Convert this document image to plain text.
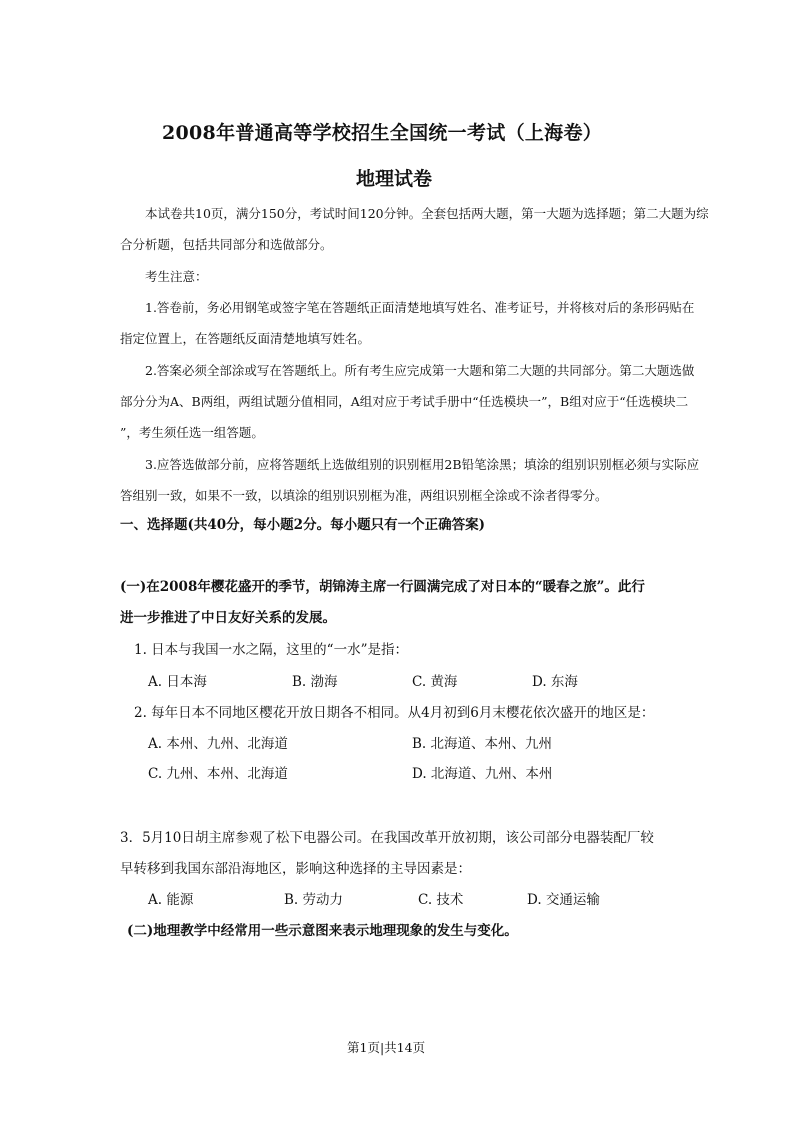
2008年普通高等学校招生全国统一考试（上海卷）
地理试卷
本试卷共10页，满分150分，考试时间120分钟。全套包括两大题，第一大题为选择题；第二大题为综
合分析题，包括共同部分和选做部分。
考生注意：
1.答卷前，务必用钢笔或签字笔在答题纸正面清楚地填写姓名、准考证号，并将核对后的条形码贴在
指定位置上，在答题纸反面清楚地填写姓名。
2.答案必须全部涂或写在答题纸上。所有考生应完成第一大题和第二大题的共同部分。第二大题选做
部分分为A、B两组，两组试题分值相同，A组对应于考试手册中“任选模块一”，B组对应于“任选模块二
”，考生须任选一组答题。
3.应答选做部分前，应将答题纸上选做组别的识别框用2B铅笔涂黑；填涂的组别识别框必须与实际应
答组别一致，如果不一致，以填涂的组别识别框为准，两组识别框全涂或不涂者得零分。
一、选择题(共40分，每小题2分。每小题只有一个正确答案)
(一)在2008年樱花盛开的季节，胡锦涛主席一行圆满完成了对日本的“暖春之旅”。此行
进一步推进了中日友好关系的发展。
1. 日本与我国一水之隔，这里的“一水”是指：
A. 日本海	B. 渤海	C. 黄海	D. 东海
2. 每年日本不同地区樱花开放日期各不相同。从4月初到6月末樱花依次盛开的地区是：
A. 本州、九州、北海道	B. 北海道、本州、九州
C. 九州、本州、北海道	D. 北海道、九州、本州
3．5月10日胡主席参观了松下电器公司。在我国改革开放初期，该公司部分电器装配厂较
早转移到我国东部沿海地区，影响这种选择的主导因素是：
A. 能源	B. 劳动力	C. 技术	D. 交通运输
(二)地理教学中经常用一些示意图来表示地理现象的发生与变化。
第1页|共14页
